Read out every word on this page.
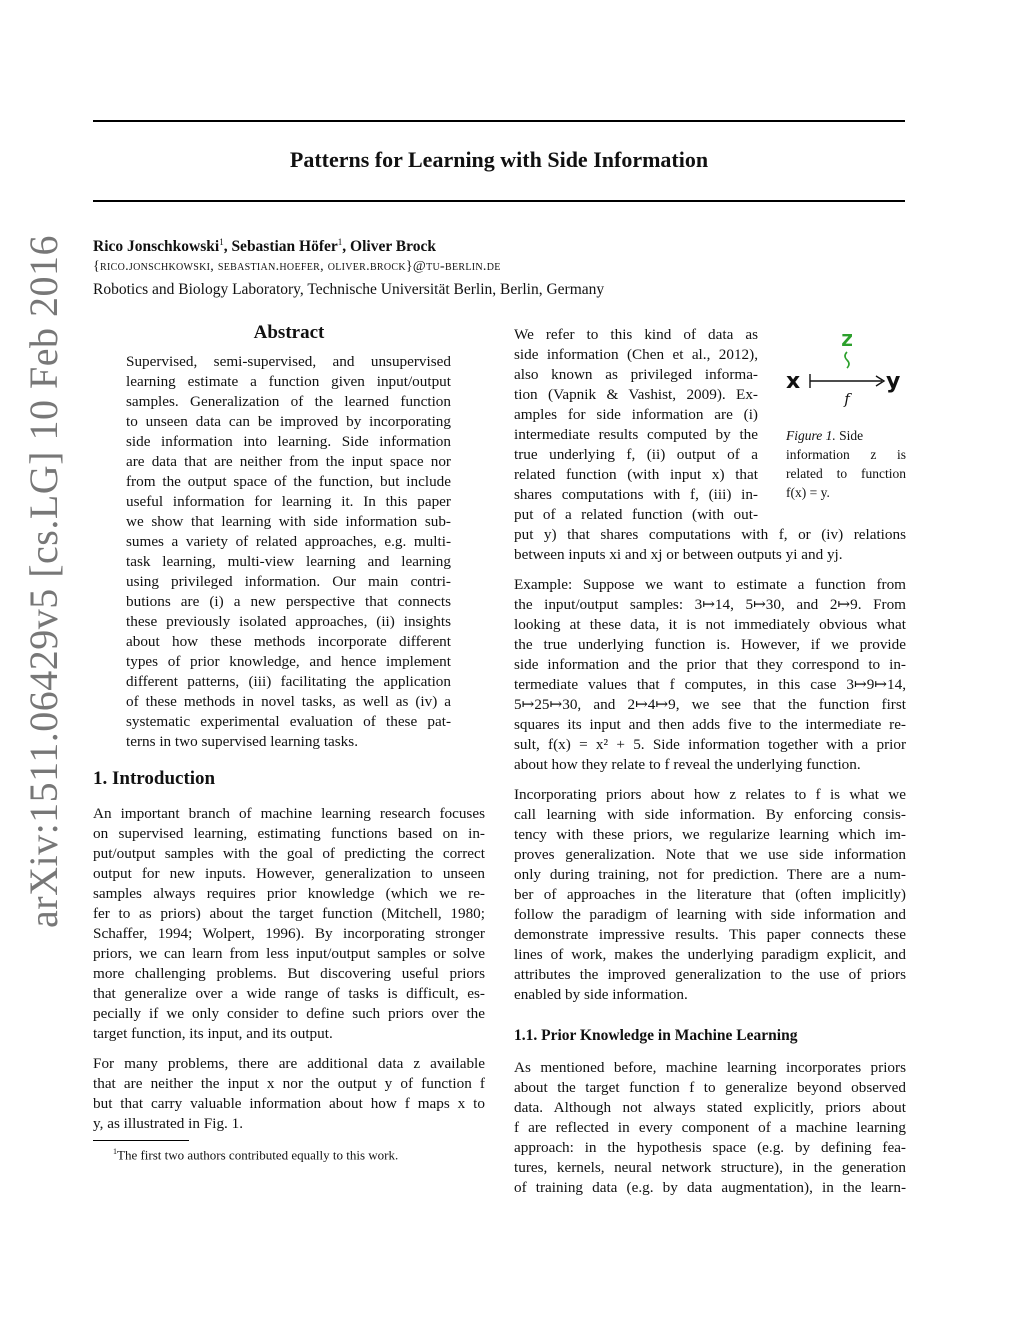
Patterns for Learning with Side Information
Rico Jonschkowski$^1$, Sebastian Höfer$^1$, Oliver Brock
{rico.jonschkowski, sebastian.hoefer, oliver.brock}@tu-berlin.de
Robotics and Biology Laboratory, Technische Universität Berlin, Berlin, Germany
arXiv:1511.06429v5 [cs.LG] 10 Feb 2016	Abstract
Supervised, semi-supervised, and unsupervised
learning estimate a function given input/output
samples. Generalization of the learned function
to unseen data can be improved by incorporating
side information into learning. Side information
are data that are neither from the input space nor
from the output space of the function, but include
useful information for learning it. In this paper
we show that learning with side information sub-
sumes a variety of related approaches, e.g. multi-
task learning, multi-view learning and learning
using privileged information. Our main contri-
butions are (i) a new perspective that connects
these previously isolated approaches, (ii) insights
about how these methods incorporate different
types of prior knowledge, and hence implement
different patterns, (iii) facilitating the application
of these methods in novel tasks, as well as (iv) a
systematic experimental evaluation of these pat-
terns in two supervised learning tasks.
1. Introduction
An important branch of machine learning research focuses
on supervised learning, estimating functions based on in-
put/output samples with the goal of predicting the correct
output for new inputs. However, generalization to unseen
samples always requires prior knowledge (which we re-
fer to as priors) about the target function (Mitchell, 1980;
Schaffer, 1994; Wolpert, 1996). By incorporating stronger
priors, we can learn from less input/output samples or solve
more challenging problems. But discovering useful priors
that generalize over a wide range of tasks is difficult, es-
pecially if we only consider to define such priors over the
target function, its input, and its output.
For many problems, there are additional data z available
that are neither the input x nor the output y of function f
but that carry valuable information about how f maps x to
y, as illustrated in Fig. 1.
$^1$The first two authors contributed equally to this work.
We refer to this kind of data as
side information (Chen et al., 2012),
also known as privileged informa-
tion (Vapnik & Vashist, 2009). Ex-
amples for side information are (i)
intermediate results computed by the
true underlying f, (ii) output of a
related function (with input x) that
shares computations with f, (iii) in-
put of a related function (with out-
put y) that shares computations with f, or (iv) relations
between inputs xi and xj or between outputs yi and yj.
z
x	y
f
Figure 1. Side
information z is
related to function
f(x) = y.
Example: Suppose we want to estimate a function from
the input/output samples: 3↦14, 5↦30, and 2↦9. From
looking at these data, it is not immediately obvious what
the true underlying function is. However, if we provide
side information and the prior that they correspond to in-
termediate values that f computes, in this case 3↦9↦14,
5↦25↦30, and 2↦4↦9, we see that the function first
squares its input and then adds five to the intermediate re-
sult, f(x) = x² + 5. Side information together with a prior
about how they relate to f reveal the underlying function.
Incorporating priors about how z relates to f is what we
call learning with side information. By enforcing consis-
tency with these priors, we regularize learning which im-
proves generalization. Note that we use side information
only during training, not for prediction. There are a num-
ber of approaches in the literature that (often implicitly)
follow the paradigm of learning with side information and
demonstrate impressive results. This paper connects these
lines of work, makes the underlying paradigm explicit, and
attributes the improved generalization to the use of priors
enabled by side information.
1.1. Prior Knowledge in Machine Learning
As mentioned before, machine learning incorporates priors
about the target function f to generalize beyond observed
data. Although not always stated explicitly, priors about
f are reflected in every component of a machine learning
approach: in the hypothesis space (e.g. by defining fea-
tures, kernels, neural network structure), in the generation
of training data (e.g. by data augmentation), in the learn-
